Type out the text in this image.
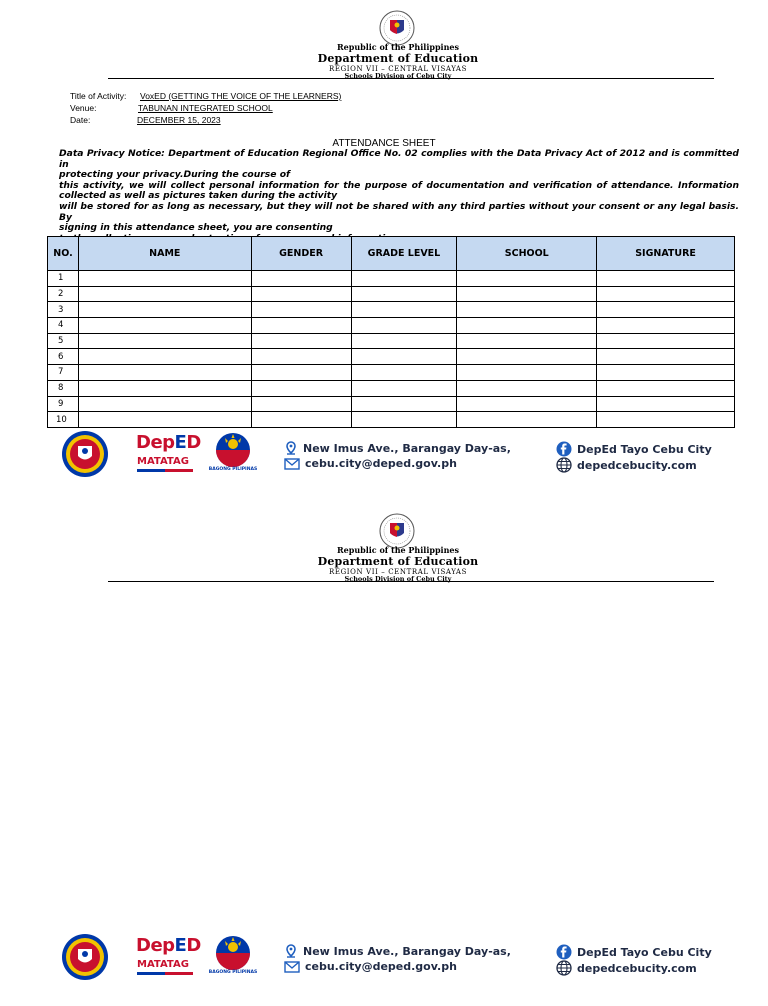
Republic of the Philippines
Department of Education
REGION VII – CENTRAL VISAYAS
Schools Division of Cebu City
Title of Activity: VoxED (GETTING THE VOICE OF THE LEARNERS)
Venue:	TABUNAN INTEGRATED SCHOOL
Date:	DECEMBER 15, 2023
ATTENDANCE SHEET

Data Privacy Notice: Department of Education Regional Office No. 02 complies with the Data Privacy Act of 2012 and is committed in

protecting your privacy.During the course of

this activity, we will collect personal information for the purpose of documentation and verification of attendance. Information

collected as well as pictures taken during the activity

will be stored for as long as necessary, but they will not be shared with any third parties without your consent or any legal basis. By

signing in this attendance sheet, you are consenting

NO.	NAME	GENDER	GRADE LEVEL	SCHOOL	SIGNATURE
1					
2					
3					
4					
5					
6					
7					
8					
9					
10					
DepED
MATATAG
BAGONG PILIPINAS
New Imus Ave., Barangay Day-as,
cebu.city@deped.gov.ph
DepEd Tayo Cebu City
depedcebucity.com
Republic of the Philippines
Department of Education
REGION VII – CENTRAL VISAYAS
Schools Division of Cebu City
DepED
MATATAG
BAGONG PILIPINAS
New Imus Ave., Barangay Day-as,
cebu.city@deped.gov.ph
DepEd Tayo Cebu City
depedcebucity.com
